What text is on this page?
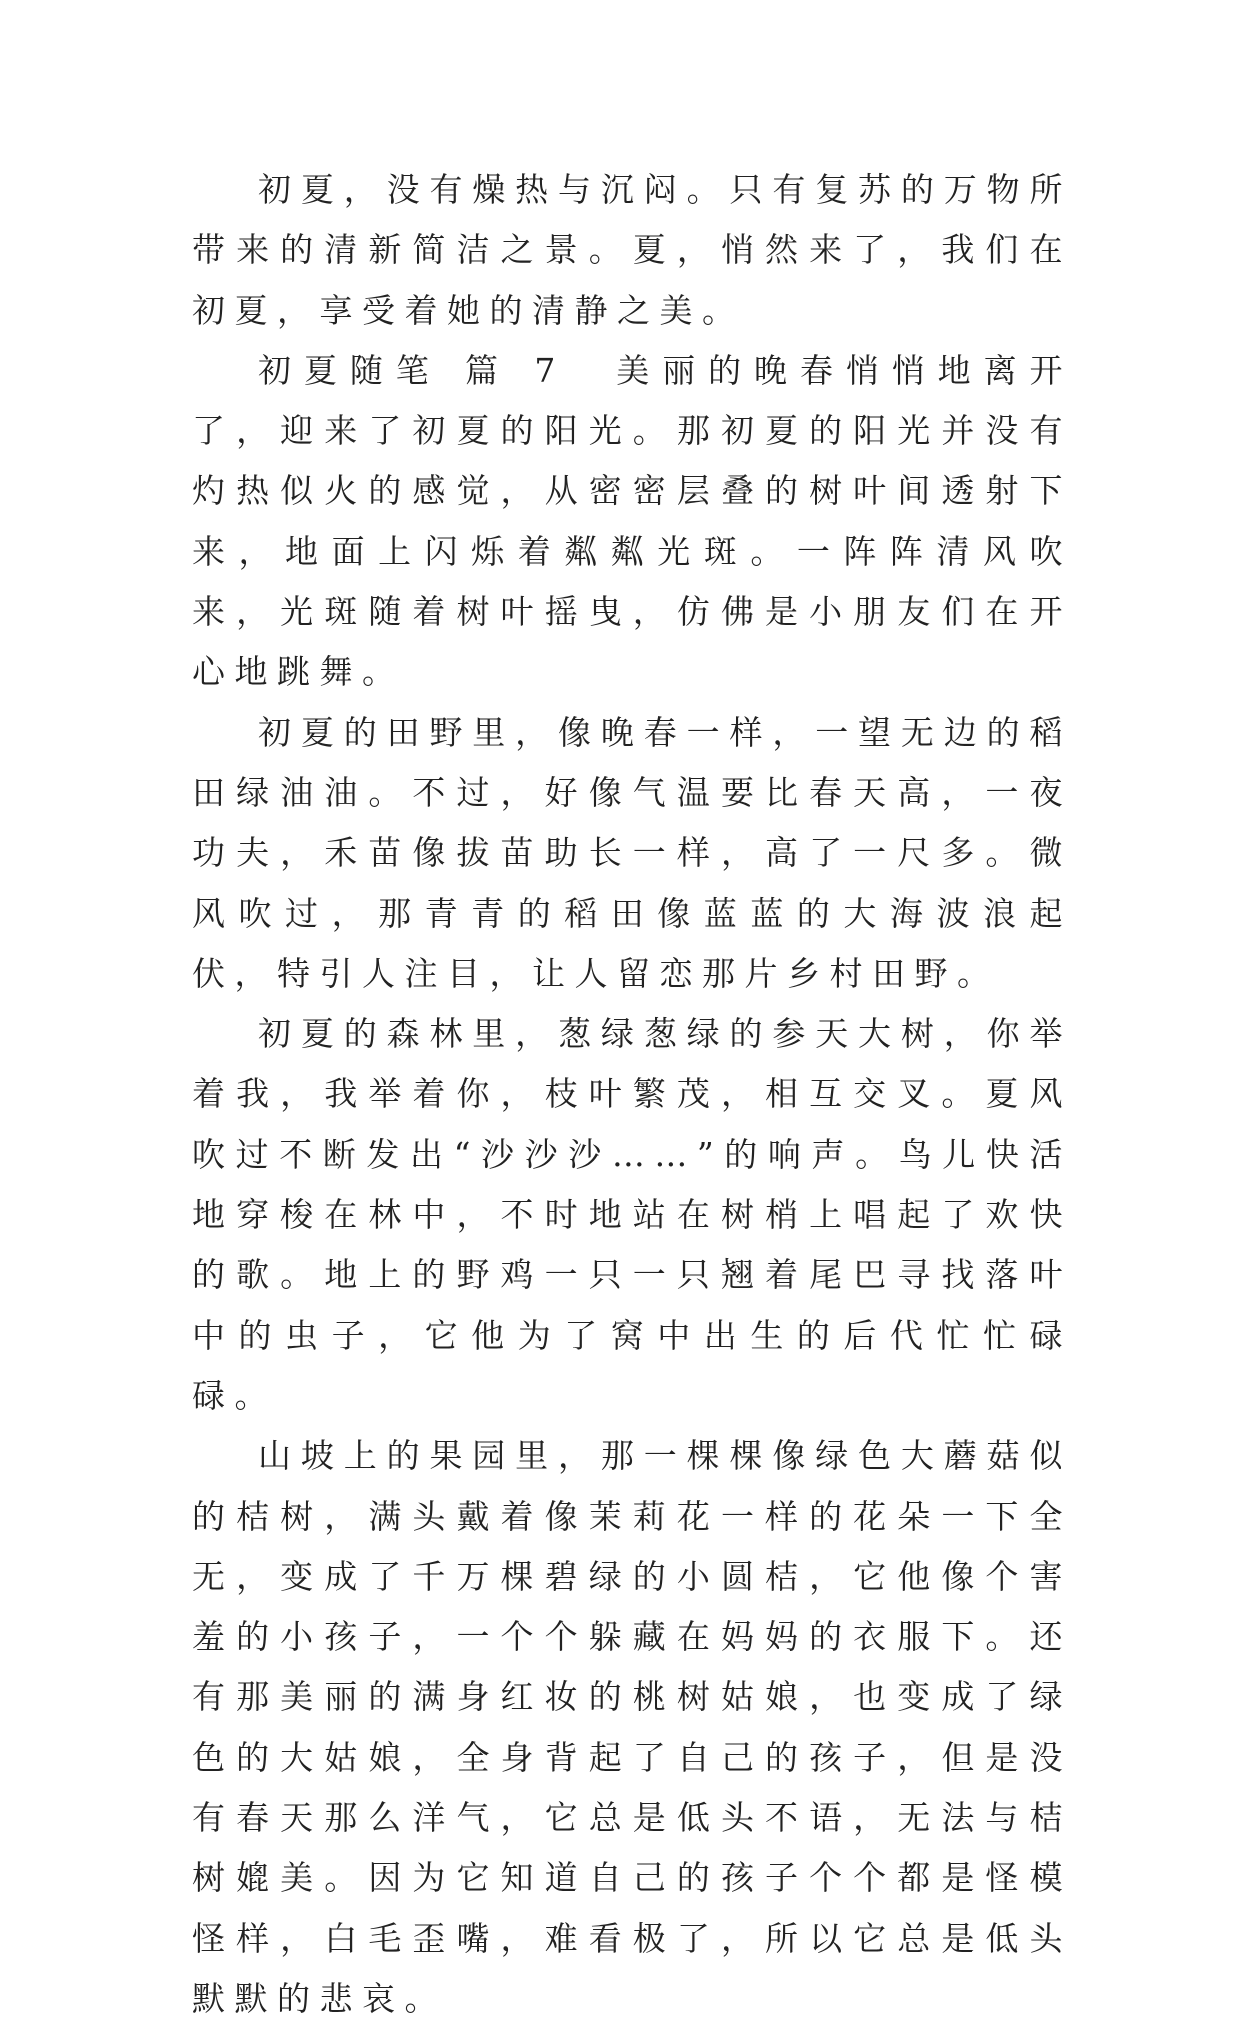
初夏，没有燥热与沉闷。只有复苏的万物所带来的清新简洁之景。夏，悄然来了，我们在初夏，享受着她的清静之美。

初夏随笔 篇 7 美丽的晚春悄悄地离开了，迎来了初夏的阳光。那初夏的阳光并没有灼热似火的感觉，从密密层叠的树叶间透射下来，地面上闪烁着粼粼光斑。一阵阵清风吹来，光斑随着树叶摇曳，仿佛是小朋友们在开心地跳舞。

初夏的田野里，像晚春一样，一望无边的稻田绿油油。不过，好像气温要比春天高，一夜功夫，禾苗像拔苗助长一样，高了一尺多。微风吹过，那青青的稻田像蓝蓝的大海波浪起伏，特引人注目，让人留恋那片乡村田野。

初夏的森林里，葱绿葱绿的参天大树，你举着我，我举着你，枝叶繁茂，相互交叉。夏风吹过不断发出“沙沙沙……”的响声。鸟儿快活地穿梭在林中，不时地站在树梢上唱起了欢快的歌。地上的野鸡一只一只翘着尾巴寻找落叶中的虫子，它他为了窝中出生的后代忙忙碌碌。

山坡上的果园里，那一棵棵像绿色大蘑菇似的桔树，满头戴着像茉莉花一样的花朵一下全无，变成了千万棵碧绿的小圆桔，它他像个害羞的小孩子，一个个躲藏在妈妈的衣服下。还有那美丽的满身红妆的桃树姑娘，也变成了绿色的大姑娘，全身背起了自己的孩子，但是没有春天那么洋气，它总是低头不语，无法与桔树媲美。因为它知道自己的孩子个个都是怪模怪样，白毛歪嘴，难看极了，所以它总是低头默默的悲哀。
